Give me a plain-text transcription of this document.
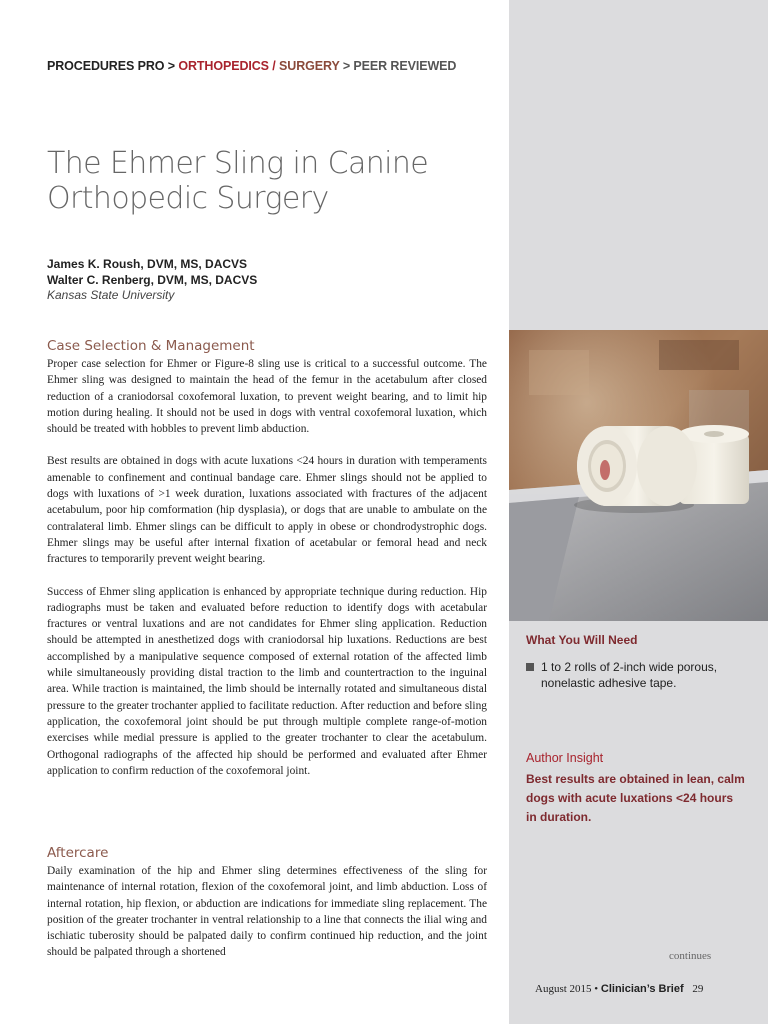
PROCEDURES PRO > ORTHOPEDICS / SURGERY > PEER REVIEWED
The Ehmer Sling in Canine
Orthopedic Surgery
James K. Roush, DVM, MS, DACVS
Walter C. Renberg, DVM, MS, DACVS
Kansas State University
Case Selection & Management

Proper case selection for Ehmer or Figure-8 sling use is critical to a successful outcome. The Ehmer sling was designed to maintain the head of the femur in the acetabulum after closed reduction of a craniodorsal coxofemoral luxation, to prevent weight bearing, and to limit hip motion during healing. It should not be used in dogs with ventral coxofemoral luxation, which should be treated with hobbles to prevent limb abduction.

Best results are obtained in dogs with acute luxations <24 hours in duration with temperaments amenable to confinement and continual bandage care. Ehmer slings should not be applied to dogs with luxations of >1 week duration, luxations associated with fractures of the adjacent acetabulum, poor hip comformation (hip dysplasia), or dogs that are unable to ambulate on the contralateral limb. Ehmer slings can be difficult to apply in obese or chondrodystrophic dogs. Ehmer slings may be useful after internal fixation of acetabular or femoral head and neck fractures to temporarily prevent weight bearing.

Success of Ehmer sling application is enhanced by appropriate technique during reduction. Hip radiographs must be taken and evaluated before reduction to identify dogs with acetabular fractures or ventral luxations and are not candidates for Ehmer sling application. Reduction should be attempted in anesthetized dogs with craniodorsal hip luxations. Reductions are best accomplished by a manipulative sequence composed of external rotation of the affected limb while simultaneously providing distal traction to the limb and countertraction to the inguinal area. While traction is maintained, the limb should be internally rotated and simultaneous distal pressure to the greater trochanter applied to facilitate reduction. After reduction and before sling application, the coxofemoral joint should be put through multiple complete range-of-motion exercises while medial pressure is applied to the greater trochanter to clear the acetabulum. Orthogonal radiographs of the affected hip should be performed and evaluated after Ehmer application to confirm reduction of the coxofemoral joint.

Aftercare

Daily examination of the hip and Ehmer sling determines effectiveness of the sling for maintenance of internal rotation, flexion of the coxofemoral joint, and limb abduction. Loss of internal rotation, hip flexion, or abduction are indications for immediate sling replacement. The position of the greater trochanter in ventral relationship to a line that connects the ilial wing and ischiatic tuberosity should be palpated daily to confirm continued hip reduction, and the joint should be palpated through a shortened

What You Will Need
1 to 2 rolls of 2-inch wide porous, nonelastic adhesive tape.
Author Insight
Best results are obtained in lean, calm dogs with acute luxations <24 hours in duration.
continues
August 2015 • Clinician’s Brief 29
